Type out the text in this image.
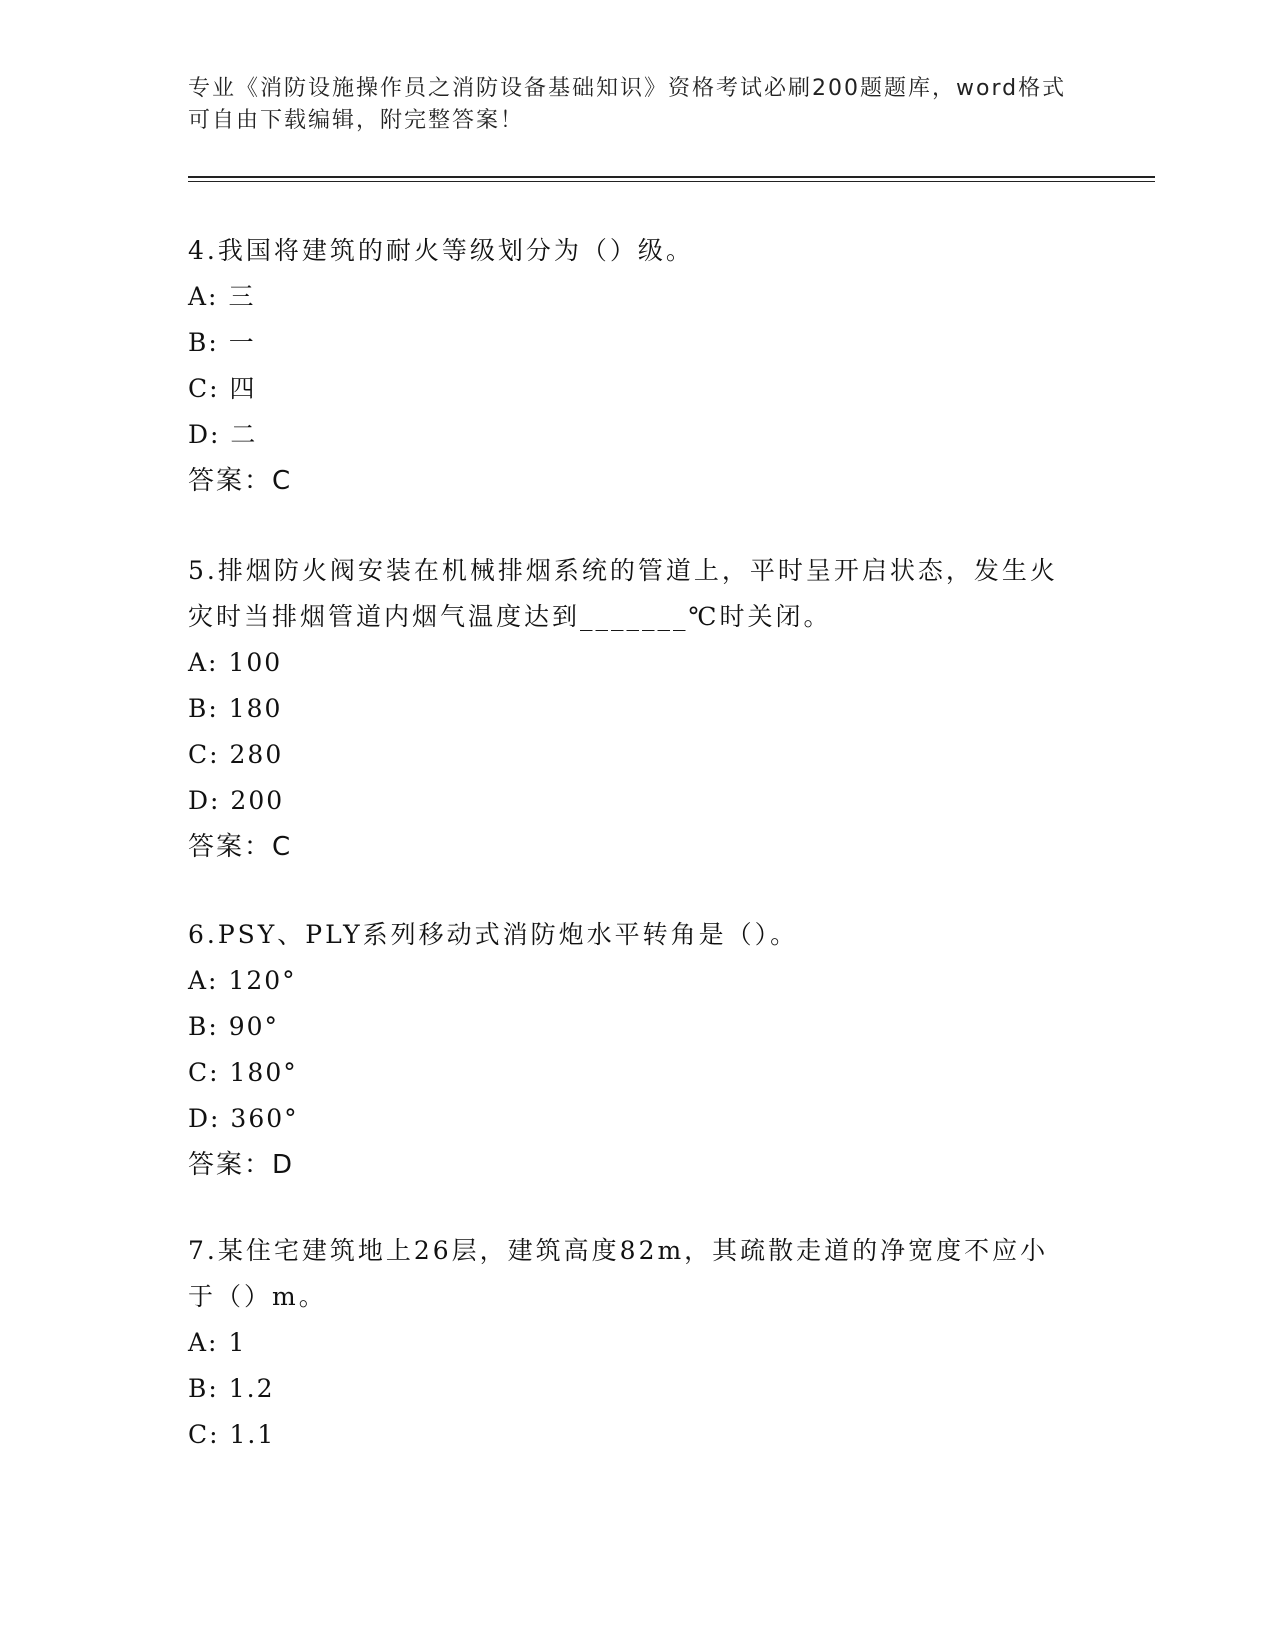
专业《消防设施操作员之消防设备基础知识》资格考试必刷200题题库，word格式可自由下载编辑，附完整答案！

4.我国将建筑的耐火等级划分为（）级。

A: 三

B: 一

C: 四

D: 二

答案：C

5.排烟防火阀安装在机械排烟系统的管道上，平时呈开启状态，发生火灾时当排烟管道内烟气温度达到_______℃时关闭。

A: 100

B: 180

C: 280

D: 200

答案：C

6.PSY、PLY系列移动式消防炮水平转角是（）。

A: 120°

B: 90°

C: 180°

D: 360°

答案：D

7.某住宅建筑地上26层，建筑高度82m，其疏散走道的净宽度不应小于（）m。

A: 1

B: 1.2

C: 1.1
